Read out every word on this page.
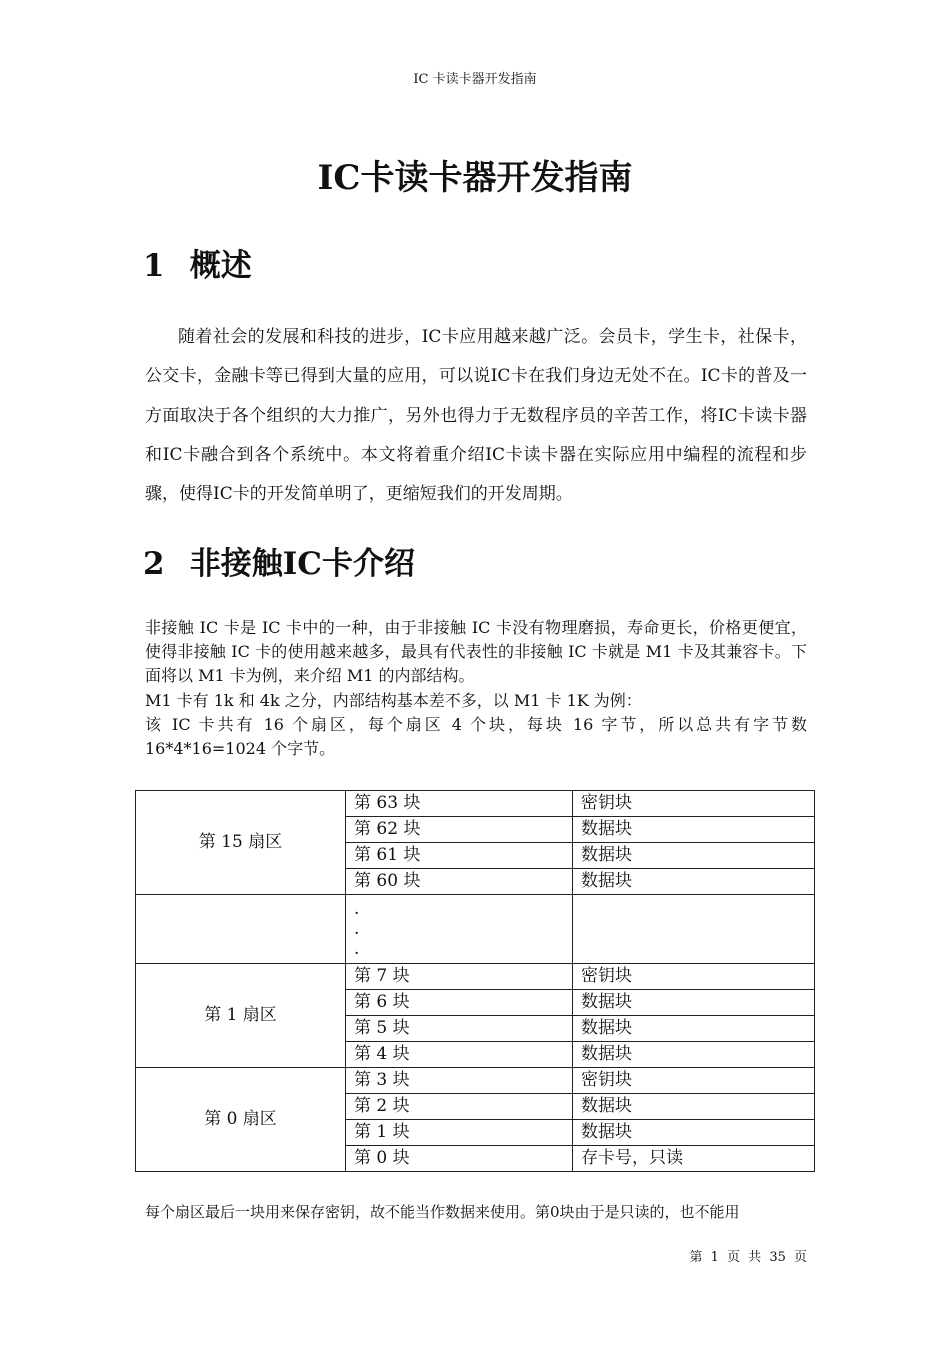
IC 卡读卡器开发指南
IC卡读卡器开发指南
1 概述
随着社会的发展和科技的进步，IC卡应用越来越广泛。会员卡，学生卡，社保卡，公交卡，金融卡等已得到大量的应用，可以说IC卡在我们身边无处不在。IC卡的普及一方面取决于各个组织的大力推广，另外也得力于无数程序员的辛苦工作，将IC卡读卡器和IC卡融合到各个系统中。本文将着重介绍IC卡读卡器在实际应用中编程的流程和步骤，使得IC卡的开发简单明了，更缩短我们的开发周期。
2 非接触IC卡介绍

非接触 IC 卡是 IC 卡中的一种，由于非接触 IC 卡没有物理磨损，寿命更长，价格更便宜，使得非接触 IC 卡的使用越来越多，最具有代表性的非接触 IC 卡就是 M1 卡及其兼容卡。下面将以 M1 卡为例，来介绍 M1 的内部结构。

M1 卡有 1k 和 4k 之分，内部结构基本差不多，以 M1 卡 1K 为例：

该 IC 卡共有 16 个扇区，每个扇区 4 个块，每块 16 字节，所以总共有字节数 16*4*16=1024 个字节。

第 15 扇区	第 63 块	密钥块
	第 62 块	数据块
	第 61 块	数据块
	第 60 块	数据块

	.
.
.	

第 1 扇区	第 7 块	密钥块
	第 6 块	数据块
	第 5 块	数据块
	第 4 块	数据块
第 0 扇区	第 3 块	密钥块
	第 2 块	数据块
	第 1 块	数据块
	第 0 块	存卡号，只读
每个扇区最后一块用来保存密钥，故不能当作数据来使用。第0块由于是只读的，也不能用
第 1 页 共 35 页
